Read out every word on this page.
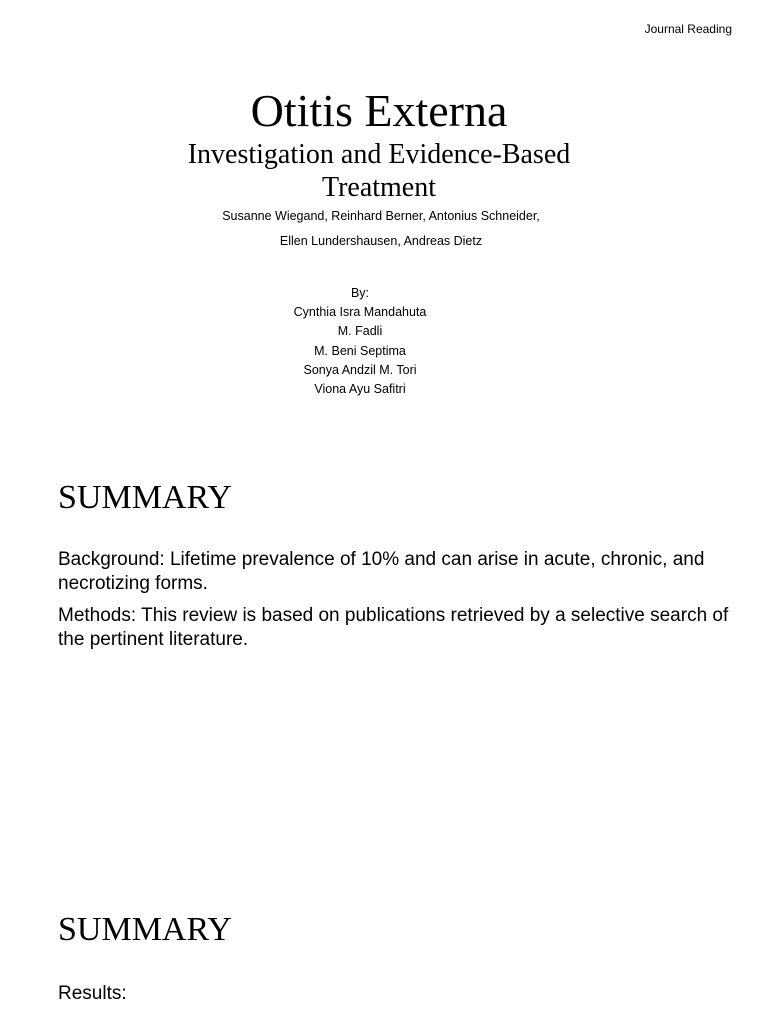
Journal Reading
Otitis Externa
Investigation and Evidence-Based
Treatment
Susanne Wiegand, Reinhard Berner, Antonius Schneider,
Ellen Lundershausen, Andreas Dietz
By:
Cynthia Isra Mandahuta
M. Fadli
M. Beni Septima
Sonya Andzil M. Tori
Viona Ayu Safitri
SUMMARY

Background: Lifetime prevalence of 10% and can arise in acute, chronic, and necrotizing forms.

Methods: This review is based on publications retrieved by a selective search of the pertinent literature.

SUMMARY

Results:
